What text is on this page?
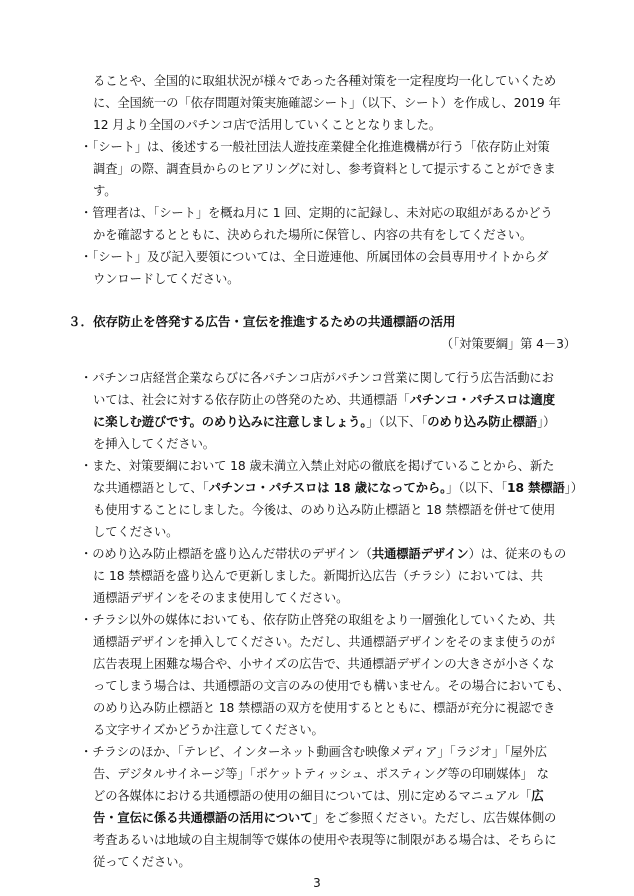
ることや、全国的に取組状況が様々であった各種対策を一定程度均一化していくため
に、全国統一の「依存問題対策実施確認シート」（以下、シート）を作成し、2019 年
12 月より全国のパチンコ店で活用していくこととなりました。
・「シート」は、後述する一般社団法人遊技産業健全化推進機構が行う「依存防止対策
調査」の際、調査員からのヒアリングに対し、参考資料として提示することができま
す。
・管理者は、「シート」を概ね月に 1 回、定期的に記録し、未対応の取組があるかどう
かを確認するとともに、決められた場所に保管し、内容の共有をしてください。
・「シート」及び記入要領については、全日遊連他、所属団体の会員専用サイトからダ
ウンロードしてください。
３．依存防止を啓発する広告・宣伝を推進するための共通標語の活用
（「対策要綱」第 4－3）
・パチンコ店経営企業ならびに各パチンコ店がパチンコ営業に関して行う広告活動にお
いては、社会に対する依存防止の啓発のため、共通標語「パチンコ・パチスロは適度
に楽しむ遊びです。のめり込みに注意しましょう。」（以下、「のめり込み防止標語」）
を挿入してください。
・また、対策要綱において 18 歳未満立入禁止対応の徹底を掲げていることから、新た
な共通標語として、「パチンコ・パチスロは 18 歳になってから。」（以下、「18 禁標語」）
も使用することにしました。今後は、のめり込み防止標語と 18 禁標語を併せて使用
してください。
・のめり込み防止標語を盛り込んだ帯状のデザイン（共通標語デザイン）は、従来のもの
に 18 禁標語を盛り込んで更新しました。新聞折込広告（チラシ）においては、共
通標語デザインをそのまま使用してください。
・チラシ以外の媒体においても、依存防止啓発の取組をより一層強化していくため、共
通標語デザインを挿入してください。ただし、共通標語デザインをそのまま使うのが
広告表現上困難な場合や、小サイズの広告で、共通標語デザインの大きさが小さくな
ってしまう場合は、共通標語の文言のみの使用でも構いません。その場合においても、
のめり込み防止標語と 18 禁標語の双方を使用するとともに、標語が充分に視認でき
る文字サイズかどうか注意してください。
・チラシのほか、「テレビ、インターネット動画含む映像メディア」「ラジオ」「屋外広
告、デジタルサイネージ等」「ポケットティッシュ、ポスティング等の印刷媒体」 な
どの各媒体における共通標語の使用の細目については、別に定めるマニュアル「広
告・宣伝に係る共通標語の活用について」をご参照ください。ただし、広告媒体側の
考査あるいは地域の自主規制等で媒体の使用や表現等に制限がある場合は、そちらに
従ってください。
3
